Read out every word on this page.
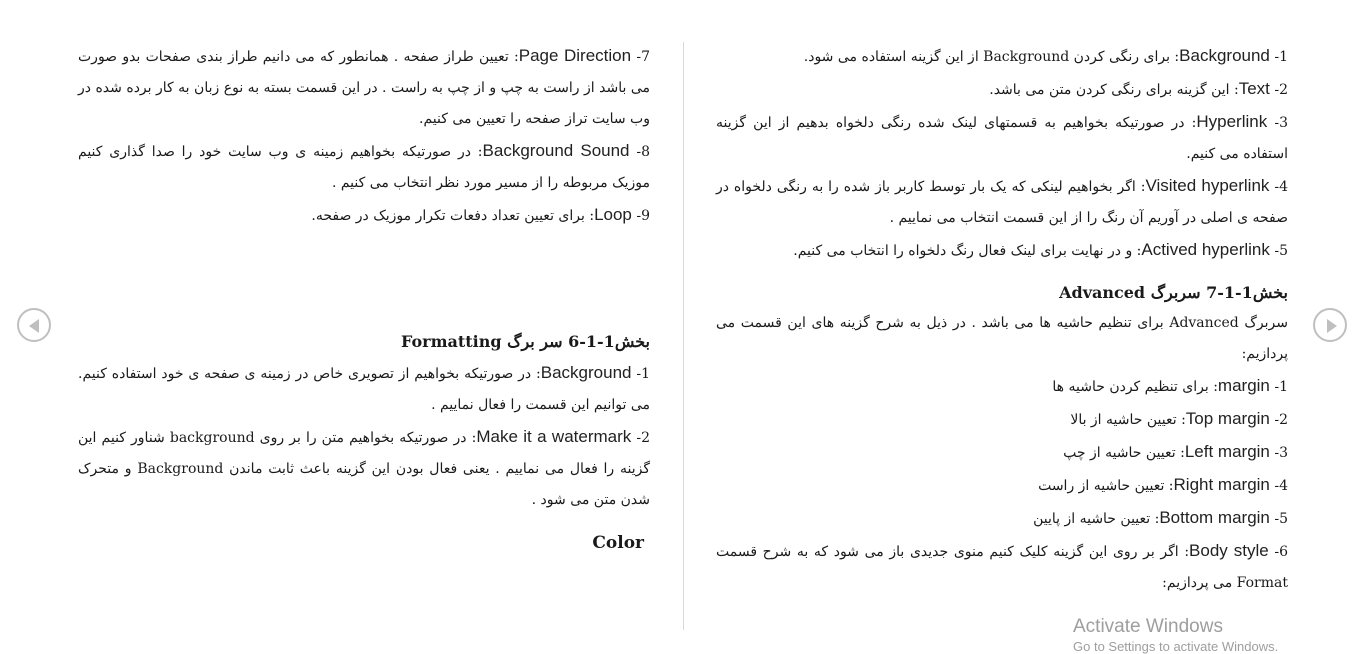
1- Background: برای رنگی کردن Background از این گزینه استفاده می شود.

2- Text: این گزینه برای رنگی کردن متن می باشد.

3- Hyperlink: در صورتیکه بخواهیم به قسمتهای لینک شده رنگی دلخواه بدهیم از این گزینه استفاده می کنیم.

4- Visited hyperlink: اگر بخواهیم لینکی که یک بار توسط کاربر باز شده را به رنگی دلخواه در صفحه ی اصلی در آوریم آن رنگ را از این قسمت انتخاب می نماییم .

5- Actived hyperlink: و در نهایت برای لینک فعال رنگ دلخواه را انتخاب می کنیم.

بخش1-1-7 سربرگ Advanced

سربرگ Advanced برای تنظیم حاشیه ها می باشد . در ذیل به شرح گزینه های این قسمت می پردازیم:

1- margin: برای تنظیم کردن حاشیه ها

2- Top margin: تعیین حاشیه از بالا

3- Left margin: تعیین حاشیه از چپ

4- Right margin: تعیین حاشیه از راست

5- Bottom margin: تعیین حاشیه از پایین

6- Body style: اگر بر روی این گزینه کلیک کنیم منوی جدیدی باز می شود که به شرح قسمت Format می پردازیم:

7- Page Direction: تعیین طراز صفحه . همانطور که می دانیم طراز بندی صفحات بدو صورت می باشد از راست به چپ و از چپ به راست . در این قسمت بسته به نوع زبان به کار برده شده در وب سایت تراز صفحه را تعیین می کنیم.

8- Background Sound: در صورتیکه بخواهیم زمینه ی وب سایت خود را صدا گذاری کنیم موزیک مربوطه را از مسیر مورد نظر انتخاب می کنیم .

9- Loop: برای تعیین تعداد دفعات تکرار موزیک در صفحه.

بخش1-1-6 سر برگ Formatting

1- Background: در صورتیکه بخواهیم از تصویری خاص در زمینه ی صفحه ی خود استفاده کنیم. می توانیم این قسمت را فعال نماییم .

2- Make it a watermark: در صورتیکه بخواهیم متن را بر روی background شناور کنیم این گزینه را فعال می نماییم . یعنی فعال بودن این گزینه باعث ثابت ماندن Background و متحرک شدن متن می شود .

Color
Activate Windows
Go to Settings to activate Windows.
